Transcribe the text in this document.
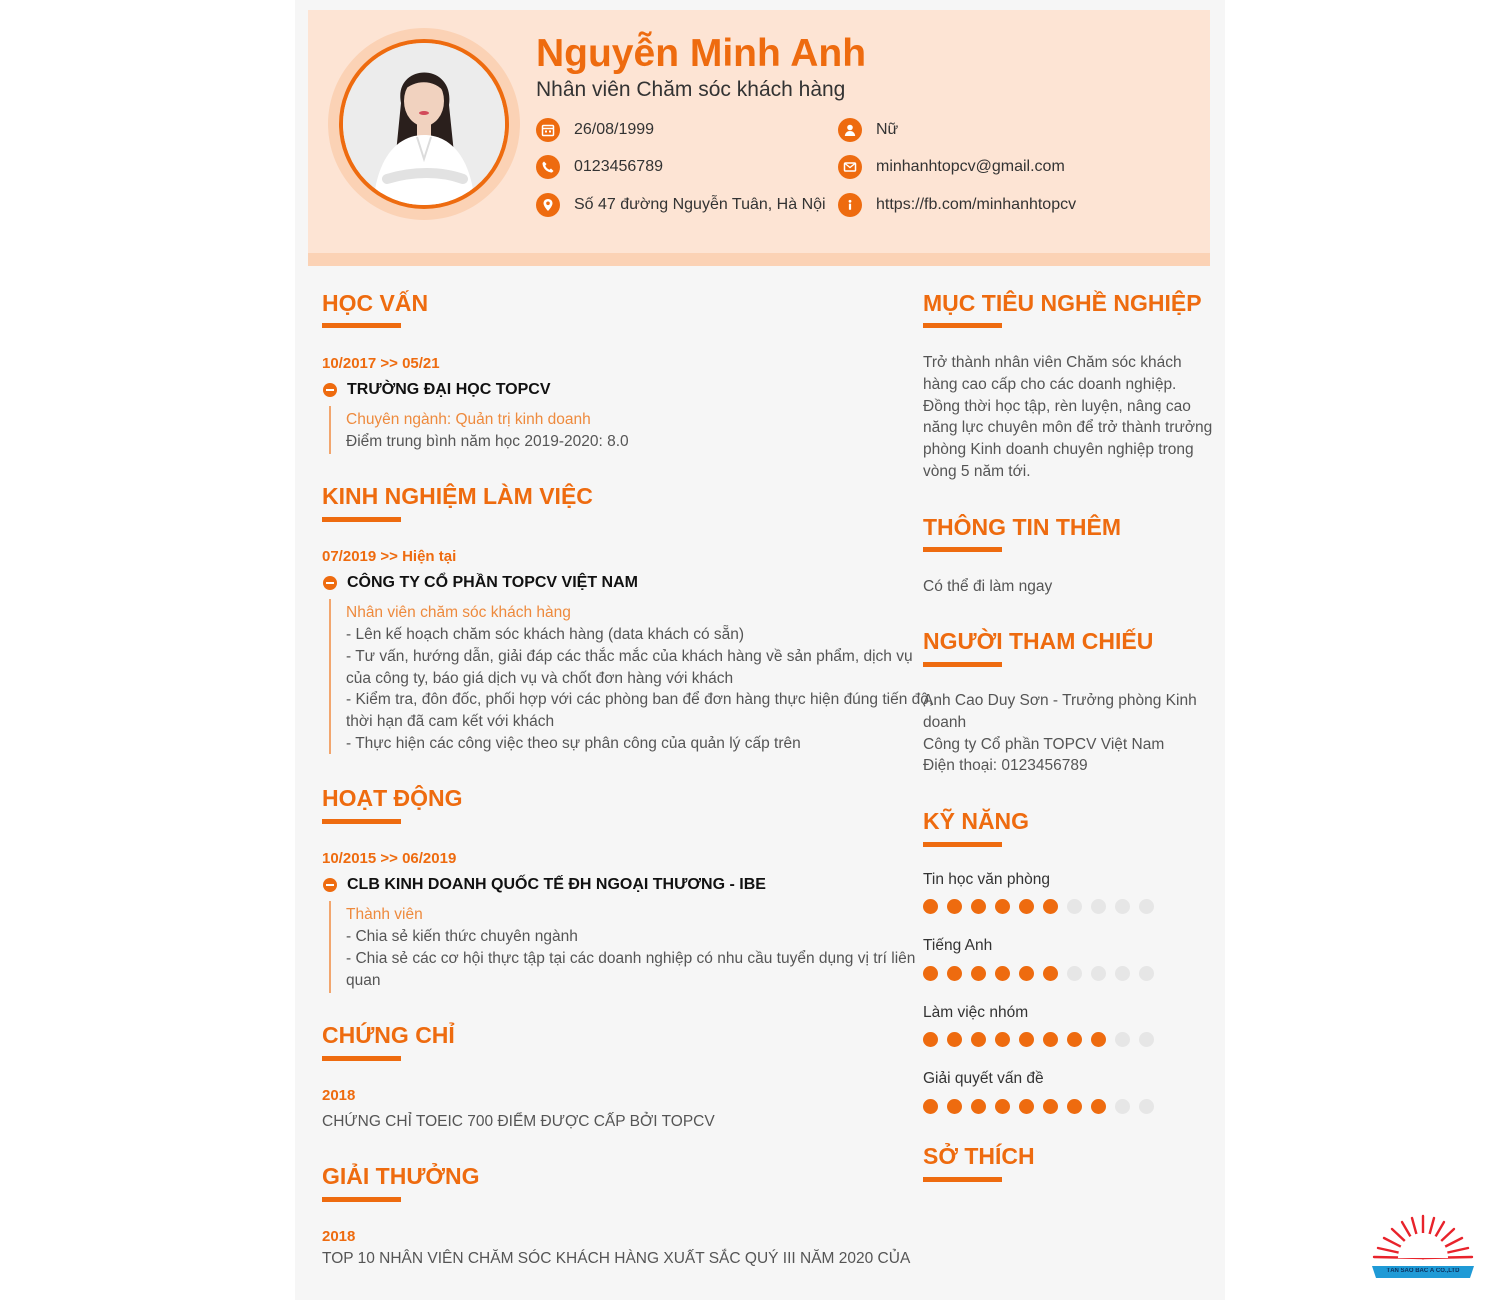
Nguyễn Minh Anh
Nhân viên Chăm sóc khách hàng
26/08/1999
0123456789
Số 47 đường Nguyễn Tuân, Hà Nội
Nữ
minhanhtopcv@gmail.com
https://fb.com/minhanhtopcv
HỌC VẤN
10/2017 >> 05/21
TRƯỜNG ĐẠI HỌC TOPCV
Chuyên ngành: Quản trị kinh doanh
Điểm trung bình năm học 2019-2020: 8.0
KINH NGHIỆM LÀM VIỆC
07/2019 >> Hiện tại
CÔNG TY CỔ PHẦN TOPCV VIỆT NAM
Nhân viên chăm sóc khách hàng
- Lên kế hoạch chăm sóc khách hàng (data khách có sẵn)
- Tư vấn, hướng dẫn, giải đáp các thắc mắc của khách hàng về sản phẩm, dịch vụ
của công ty, báo giá dịch vụ và chốt đơn hàng với khách
- Kiểm tra, đôn đốc, phối hợp với các phòng ban để đơn hàng thực hiện đúng tiến độ,
thời hạn đã cam kết với khách
- Thực hiện các công việc theo sự phân công của quản lý cấp trên
HOẠT ĐỘNG
10/2015 >> 06/2019
CLB KINH DOANH QUỐC TẾ ĐH NGOẠI THƯƠNG - IBE
Thành viên
- Chia sẻ kiến thức chuyên ngành
- Chia sẻ các cơ hội thực tập tại các doanh nghiệp có nhu cầu tuyển dụng vị trí liên
quan
CHỨNG CHỈ
2018
CHỨNG CHỈ TOEIC 700 ĐIỂM ĐƯỢC CẤP BỞI TOPCV
GIẢI THƯỞNG
2018
TOP 10 NHÂN VIÊN CHĂM SÓC KHÁCH HÀNG XUẤT SẮC QUÝ III NĂM 2020 CỦA
MỤC TIÊU NGHỀ NGHIỆP
Trở thành nhân viên Chăm sóc khách
hàng cao cấp cho các doanh nghiệp.
Đồng thời học tập, rèn luyện, nâng cao
năng lực chuyên môn để trở thành trưởng
phòng Kinh doanh chuyên nghiệp trong
vòng 5 năm tới.
THÔNG TIN THÊM
Có thể đi làm ngay
NGƯỜI THAM CHIẾU
Anh Cao Duy Sơn - Trưởng phòng Kinh
doanh
Công ty Cổ phần TOPCV Việt Nam
Điện thoại: 0123456789
KỸ NĂNG
Tin học văn phòng
Tiếng Anh
Làm việc nhóm
Giải quyết vấn đề
SỞ THÍCH
TÂN SAO BẮC Á CO.,LTD
